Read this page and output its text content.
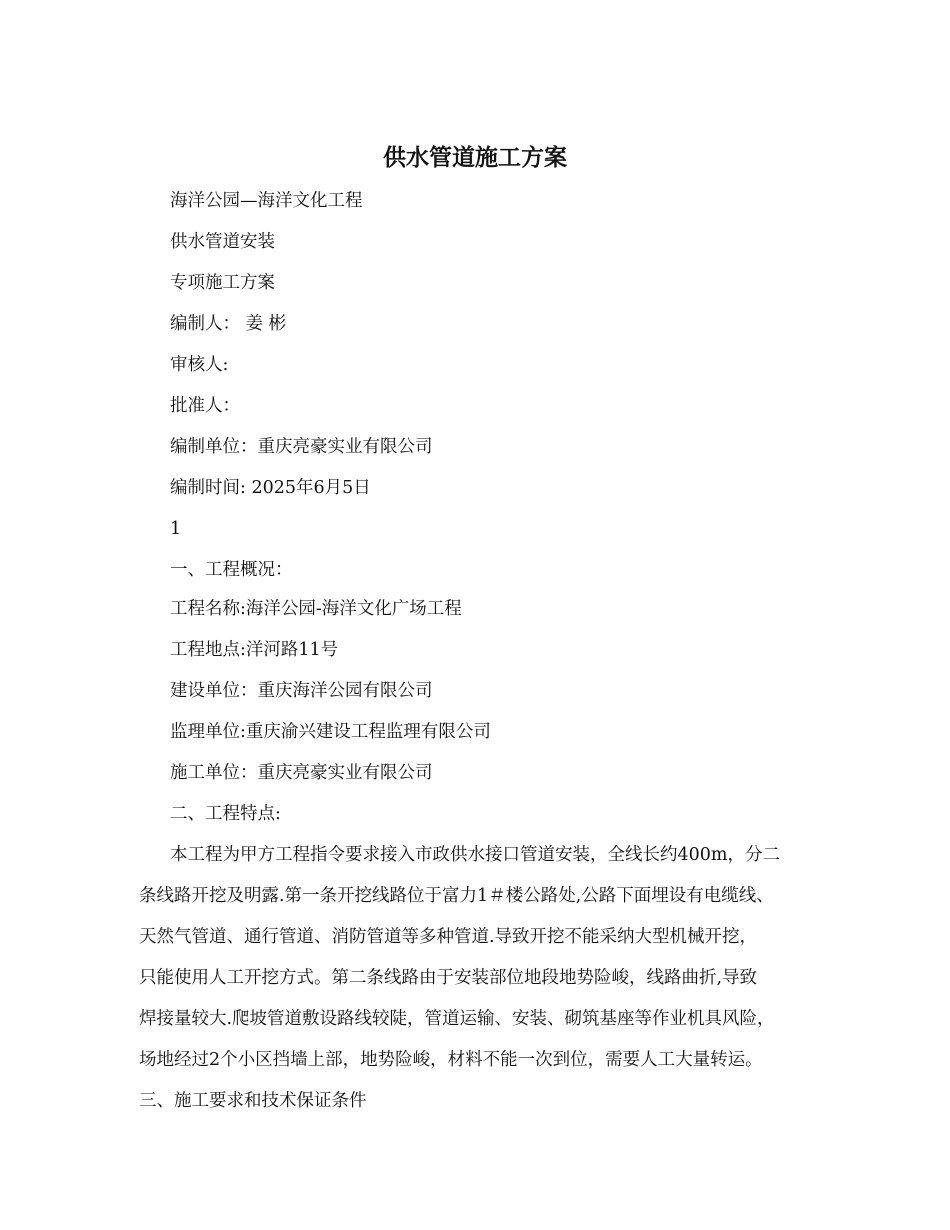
供水管道施工方案

海洋公园—海洋文化工程

供水管道安装

专项施工方案

编制人： 姜 彬

审核人:

批准人：

编制单位：重庆亮豪实业有限公司

编制时间: 2025年6月5日

1

一、工程概况：

工程名称:海洋公园-海洋文化广场工程

工程地点:洋河路11号

建设单位：重庆海洋公园有限公司

监理单位:重庆渝兴建设工程监理有限公司

施工单位：重庆亮豪实业有限公司

二、工程特点:

本工程为甲方工程指令要求接入市政供水接口管道安装，全线长约400m，分二

条线路开挖及明露.第一条开挖线路位于富力1＃楼公路处,公路下面埋设有电缆线、

天然气管道、通行管道、消防管道等多种管道.导致开挖不能采纳大型机械开挖，

只能使用人工开挖方式。第二条线路由于安装部位地段地势险峻，线路曲折,导致

焊接量较大.爬坡管道敷设路线较陡，管道运输、安装、砌筑基座等作业机具风险，

场地经过2个小区挡墙上部，地势险峻，材料不能一次到位，需要人工大量转运。

三、施工要求和技术保证条件
